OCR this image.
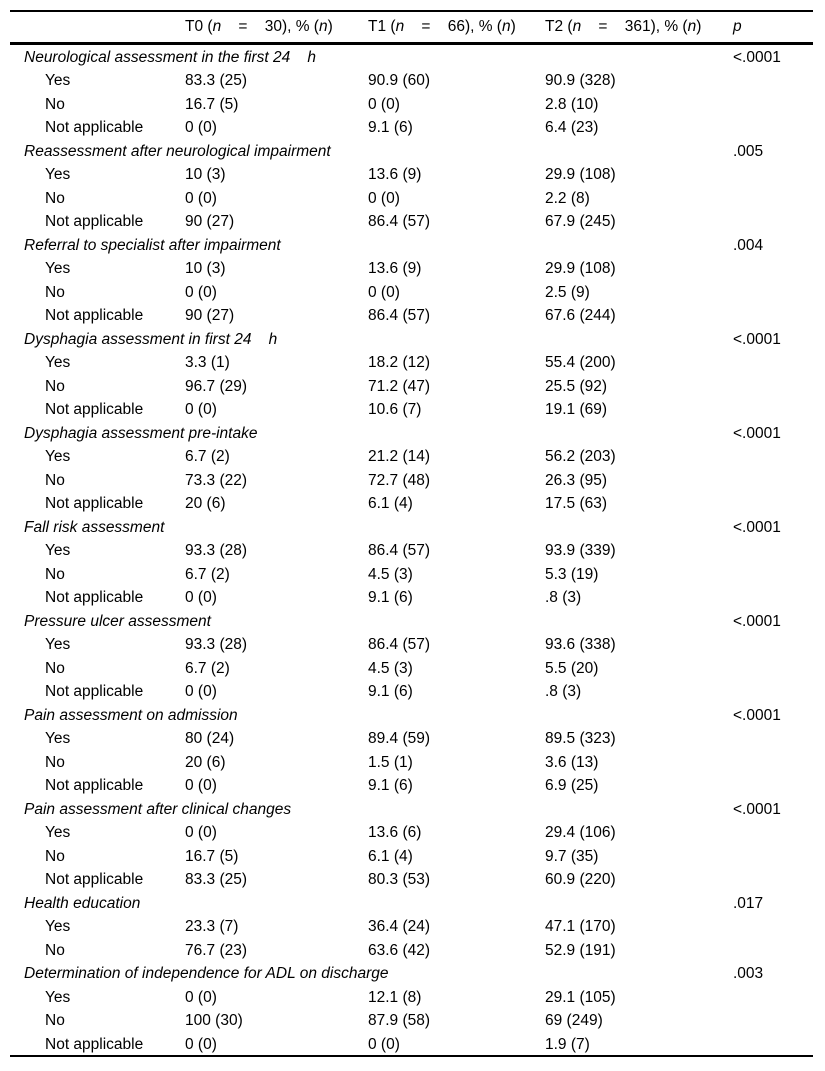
T0 (n    =    30), % (n)	T1 (n    =    66), % (n)	T2 (n    =    361), % (n)	p
Neurological assessment in the first 24    h	<.0001
Yes	83.3 (25)	90.9 (60)	90.9 (328)
No	16.7 (5)	0 (0)	2.8 (10)
Not applicable	0 (0)	9.1 (6)	6.4 (23)
Reassessment after neurological impairment	.005
Yes	10 (3)	13.6 (9)	29.9 (108)
No	0 (0)	0 (0)	2.2 (8)
Not applicable	90 (27)	86.4 (57)	67.9 (245)
Referral to specialist after impairment	.004
Yes	10 (3)	13.6 (9)	29.9 (108)
No	0 (0)	0 (0)	2.5 (9)
Not applicable	90 (27)	86.4 (57)	67.6 (244)
Dysphagia assessment in first 24    h	<.0001
Yes	3.3 (1)	18.2 (12)	55.4 (200)
No	96.7 (29)	71.2 (47)	25.5 (92)
Not applicable	0 (0)	10.6 (7)	19.1 (69)
Dysphagia assessment pre-intake	<.0001
Yes	6.7 (2)	21.2 (14)	56.2 (203)
No	73.3 (22)	72.7 (48)	26.3 (95)
Not applicable	20 (6)	6.1 (4)	17.5 (63)
Fall risk assessment	<.0001
Yes	93.3 (28)	86.4 (57)	93.9 (339)
No	6.7 (2)	4.5 (3)	5.3 (19)
Not applicable	0 (0)	9.1 (6)	.8 (3)
Pressure ulcer assessment	<.0001
Yes	93.3 (28)	86.4 (57)	93.6 (338)
No	6.7 (2)	4.5 (3)	5.5 (20)
Not applicable	0 (0)	9.1 (6)	.8 (3)
Pain assessment on admission	<.0001
Yes	80 (24)	89.4 (59)	89.5 (323)
No	20 (6)	1.5 (1)	3.6 (13)
Not applicable	0 (0)	9.1 (6)	6.9 (25)
Pain assessment after clinical changes	<.0001
Yes	0 (0)	13.6 (6)	29.4 (106)
No	16.7 (5)	6.1 (4)	9.7 (35)
Not applicable	83.3 (25)	80.3 (53)	60.9 (220)
Health education	.017
Yes	23.3 (7)	36.4 (24)	47.1 (170)
No	76.7 (23)	63.6 (42)	52.9 (191)
Determination of independence for ADL on discharge	.003
Yes	0 (0)	12.1 (8)	29.1 (105)
No	100 (30)	87.9 (58)	69 (249)
Not applicable	0 (0)	0 (0)	1.9 (7)
